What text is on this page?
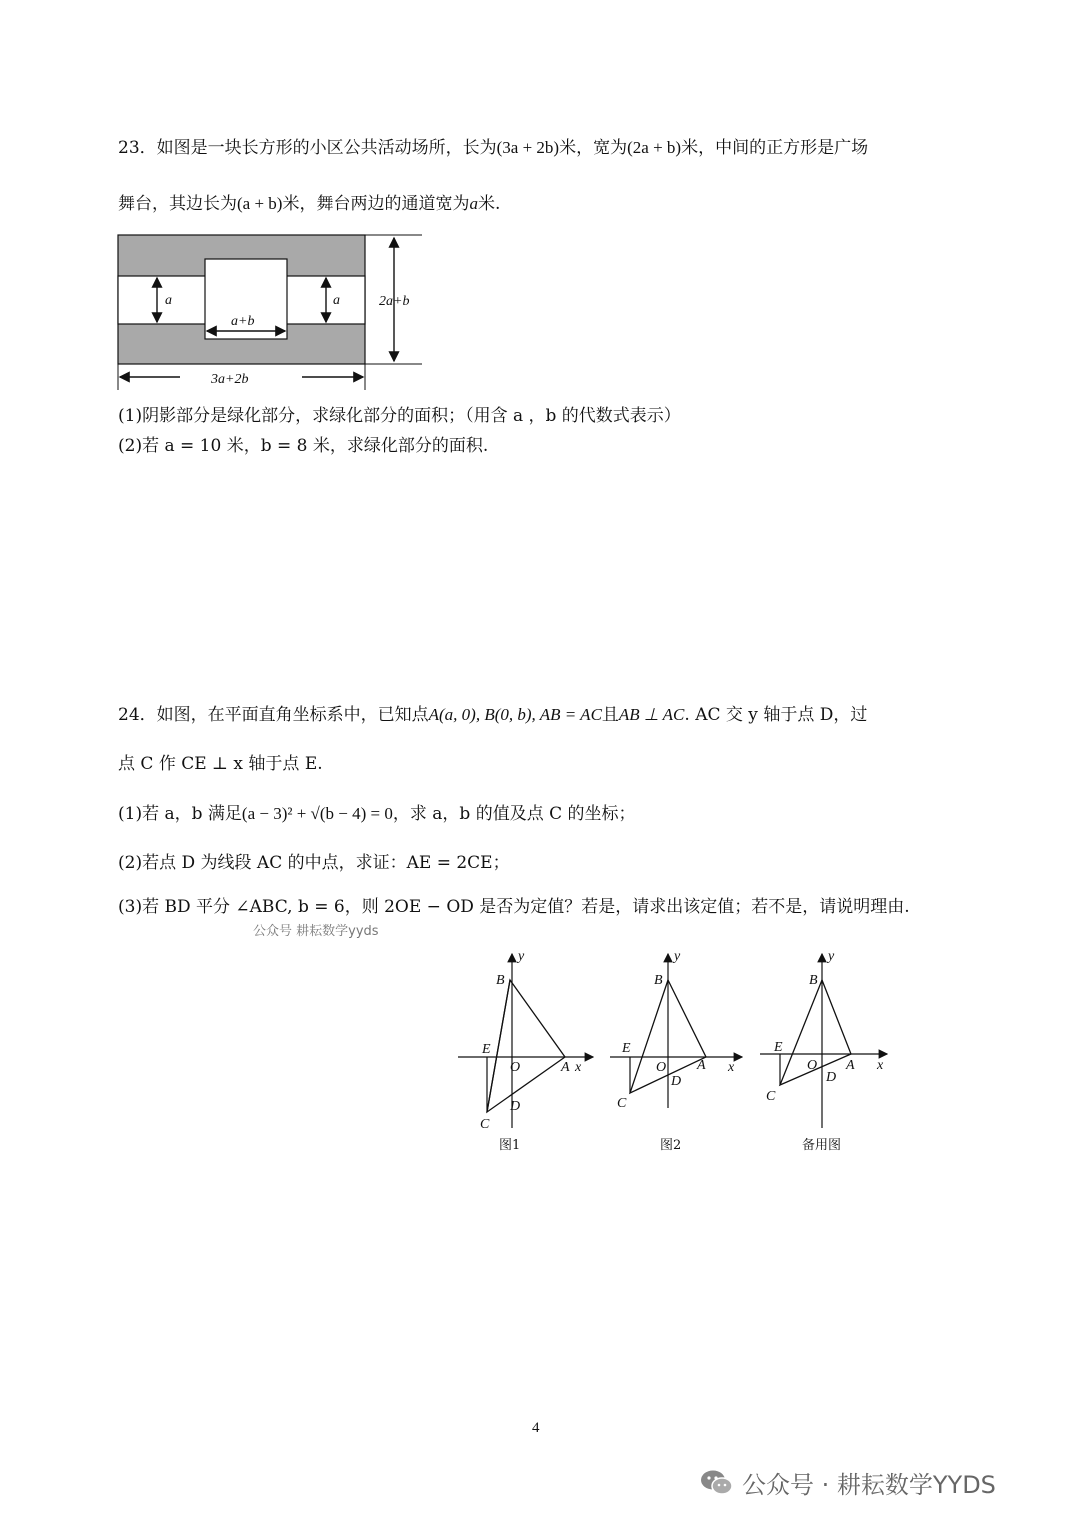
23．如图是一块长方形的小区公共活动场所，长为(3a + 2b)米，宽为(2a + b)米，中间的正方形是广场
舞台，其边长为(a + b)米，舞台两边的通道宽为a米.
a	a
a+b
2a+b
3a+2b
(1)阴影部分是绿化部分，求绿化部分的面积；（用含 a ，b 的代数式表示）
(2)若 a = 10 米，b = 8 米，求绿化部分的面积.
24．如图，在平面直角坐标系中，已知点A(a, 0), B(0, b), AB = AC且AB ⊥ AC. AC 交 y 轴于点 D，过
点 C 作 CE ⊥ x 轴于点 E.
(1)若 a，b 满足(a − 3)² + √(b − 4) = 0，求 a，b 的值及点 C 的坐标；
(2)若点 D 为线段 AC 的中点，求证：AE = 2CE；
(3)若 BD 平分 ∠ABC, b = 6，则 2OE − OD 是否为定值？若是，请求出该定值；若不是，请说明理由.
公众号 耕耘数学yyds
y
B
E
O	A x
D
C
图1
y
B
E
O A x
D
C
图2
y
B
E
O A x
D
C
备用图
4
公众号 · 耕耘数学YYDS
